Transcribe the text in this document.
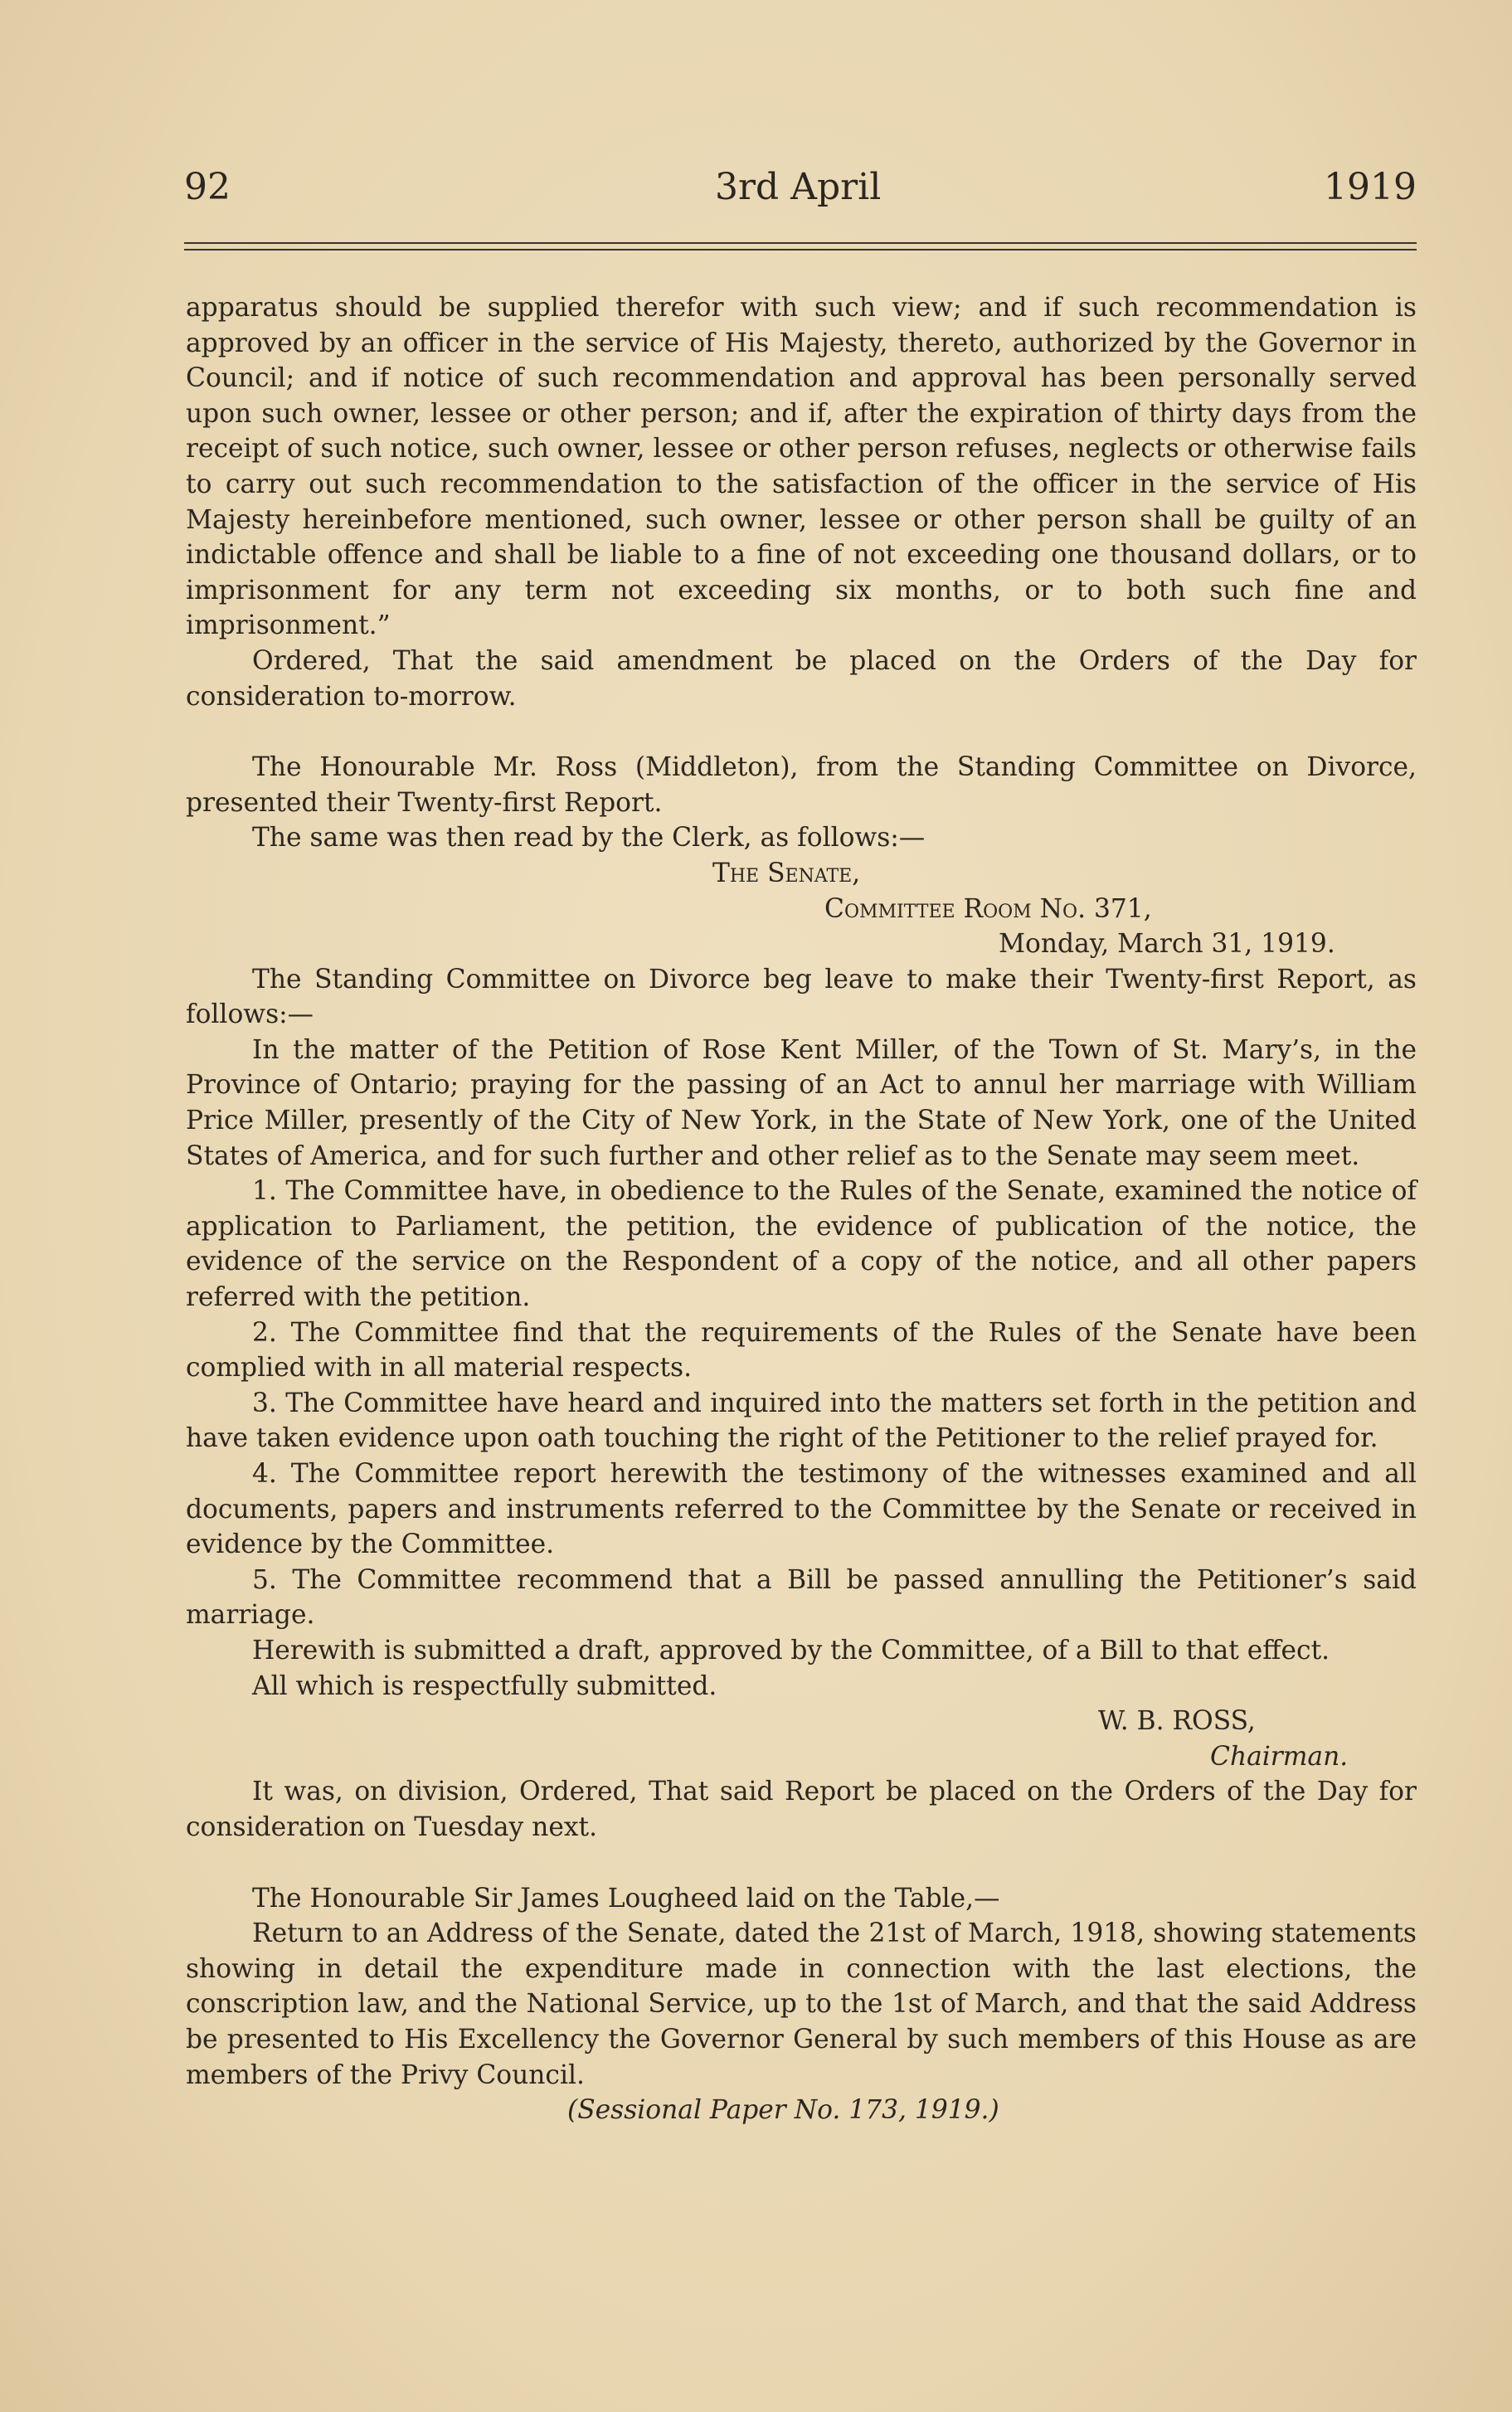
92	3rd April	1919

apparatus should be supplied therefor with such view; and if such recommendation is approved by an officer in the service of His Majesty, thereto, authorized by the Governor in Council; and if notice of such recommendation and approval has been personally served upon such owner, lessee or other person; and if, after the expiration of thirty days from the receipt of such notice, such owner, lessee or other person refuses, neglects or otherwise fails to carry out such recommendation to the satisfaction of the officer in the service of His Majesty hereinbefore mentioned, such owner, lessee or other person shall be guilty of an indictable offence and shall be liable to a fine of not exceeding one thousand dollars, or to imprisonment for any term not exceeding six months, or to both such fine and imprisonment.”

Ordered, That the said amendment be placed on the Orders of the Day for consideration to-morrow.

The Honourable Mr. Ross (Middleton), from the Standing Committee on Divorce, presented their Twenty-first Report.

The same was then read by the Clerk, as follows:—

The Senate,

Committee Room No. 371,

Monday, March 31, 1919.

The Standing Committee on Divorce beg leave to make their Twenty-first Report, as follows:—

In the matter of the Petition of Rose Kent Miller, of the Town of St. Mary’s, in the Province of Ontario; praying for the passing of an Act to annul her marriage with William Price Miller, presently of the City of New York, in the State of New York, one of the United States of America, and for such further and other relief as to the Senate may seem meet.

1. The Committee have, in obedience to the Rules of the Senate, examined the notice of application to Parliament, the petition, the evidence of publication of the notice, the evidence of the service on the Respondent of a copy of the notice, and all other papers referred with the petition.

2. The Committee find that the requirements of the Rules of the Senate have been complied with in all material respects.

3. The Committee have heard and inquired into the matters set forth in the petition and have taken evidence upon oath touching the right of the Petitioner to the relief prayed for.

4. The Committee report herewith the testimony of the witnesses examined and all documents, papers and instruments referred to the Committee by the Senate or received in evidence by the Committee.

5. The Committee recommend that a Bill be passed annulling the Petitioner’s said marriage.

Herewith is submitted a draft, approved by the Committee, of a Bill to that effect.

All which is respectfully submitted.

W. B. ROSS,

Chairman.

It was, on division, Ordered, That said Report be placed on the Orders of the Day for consideration on Tuesday next.

The Honourable Sir James Lougheed laid on the Table,—

Return to an Address of the Senate, dated the 21st of March, 1918, showing statements showing in detail the expenditure made in connection with the last elections, the conscription law, and the National Service, up to the 1st of March, and that the said Address be presented to His Excellency the Governor General by such members of this House as are members of the Privy Council.

(Sessional Paper No. 173, 1919.)
